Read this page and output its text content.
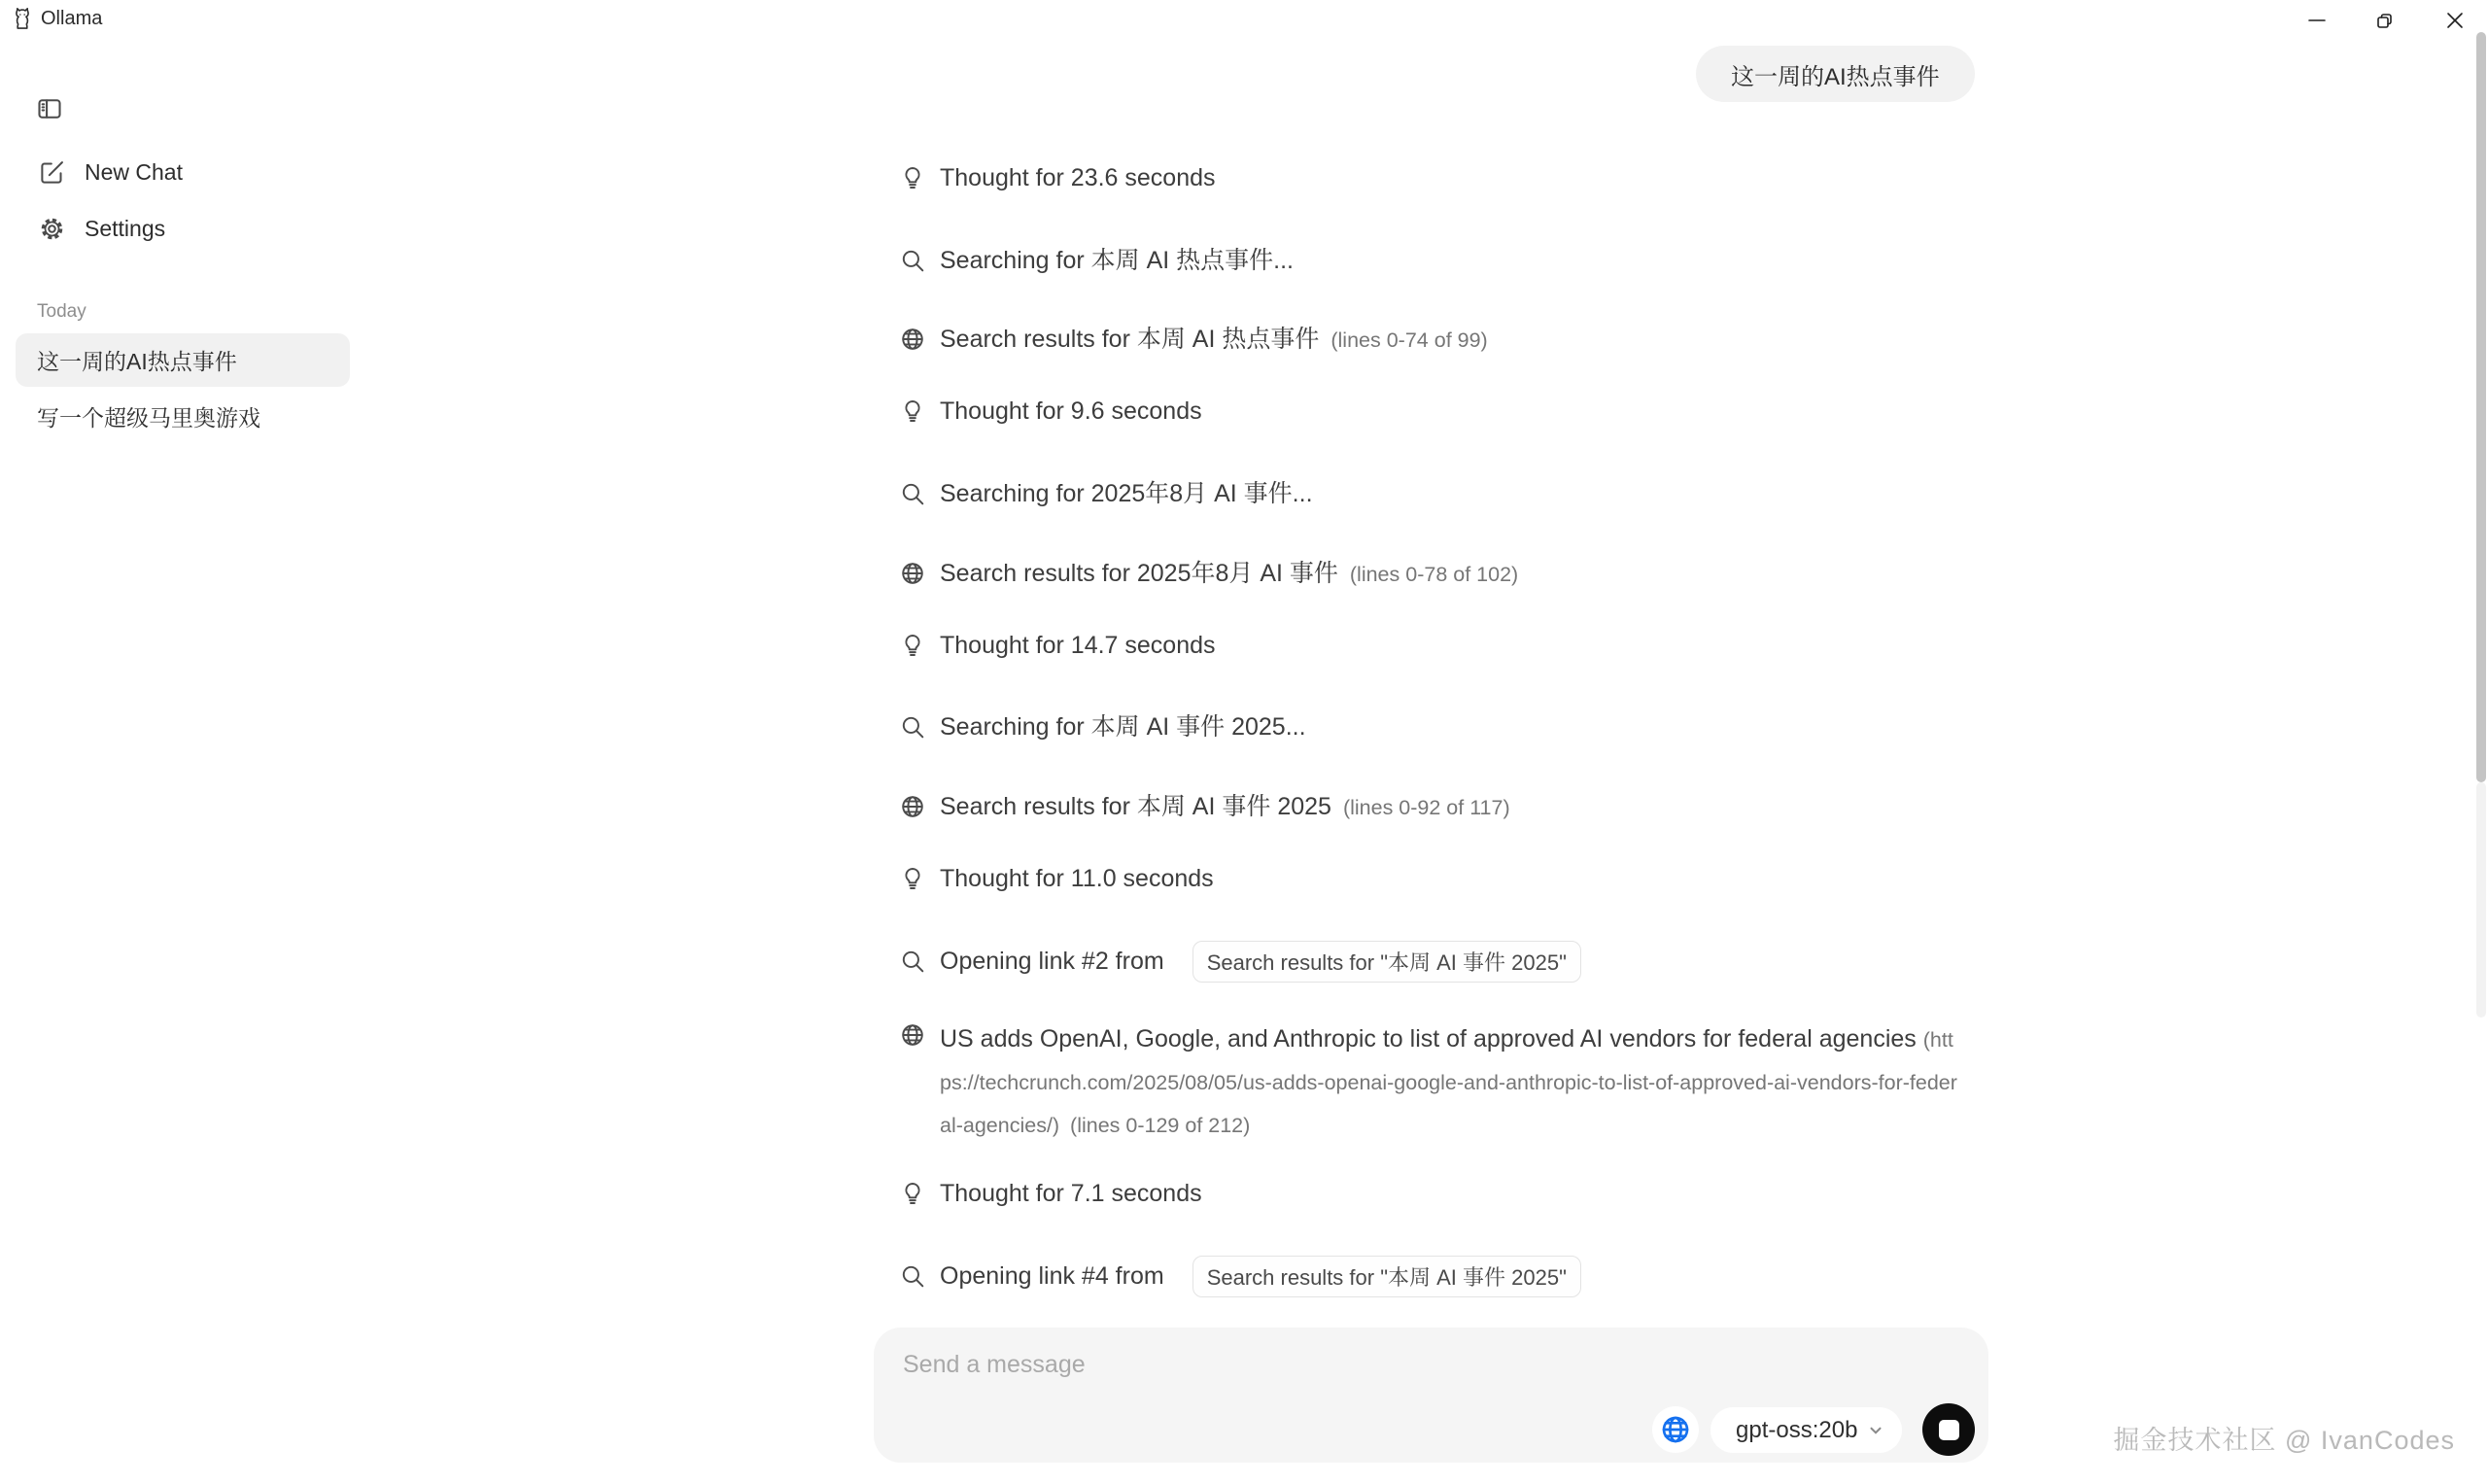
Ollama
New Chat
Settings
Today
这一周的AI热点事件
写一个超级马里奥游戏
这一周的AI热点事件
Thought for 23.6 seconds
Searching for 本周 AI 热点事件...
Search results for 本周 AI 热点事件 (lines 0-74 of 99)
Thought for 9.6 seconds
Searching for 2025年8月 AI 事件...
Search results for 2025年8月 AI 事件 (lines 0-78 of 102)
Thought for 14.7 seconds
Searching for 本周 AI 事件 2025...
Search results for 本周 AI 事件 2025 (lines 0-92 of 117)
Thought for 11.0 seconds
Opening link #2 from	Search results for "本周 AI 事件 2025"
US adds OpenAI, Google, and Anthropic to list of approved AI vendors for federal agencies (https://techcrunch.com/2025/08/05/us-adds-openai-google-and-anthropic-to-list-of-approved-ai-vendors-for-federal-agencies/) (lines 0-129 of 212)
Thought for 7.1 seconds
Opening link #4 from	Search results for "本周 AI 事件 2025"
Send a message
gpt-oss:20b	掘金技术社区 @ IvanCodes
